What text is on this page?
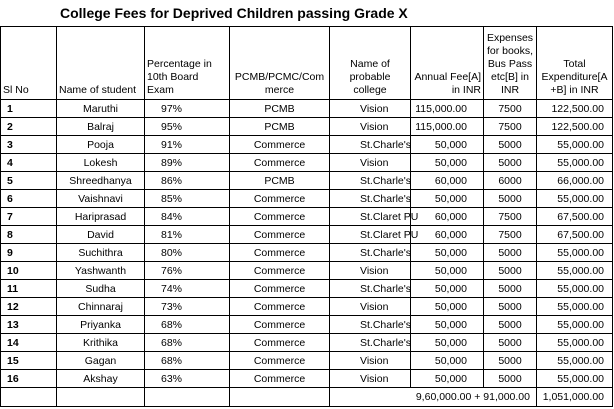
College Fees for Deprived Children passing Grade X
Sl No	Name of student	Percentage in 10th Board Exam	PCMB/PCMC/Com merce	Name of probable college	Annual Fee[A] in INR	Expenses for books, Bus Pass etc[B] in INR	Total Expenditure[A +B] in INR
1	Maruthi	97%	PCMB	Vision	115,000.00	7500	122,500.00
2	Balraj	95%	PCMB	Vision	115,000.00	7500	122,500.00
3	Pooja	91%	Commerce	St.Charle's	50,000	5000	55,000.00
4	Lokesh	89%	Commerce	Vision	50,000	5000	55,000.00
5	Shreedhanya	86%	PCMB	St.Charle's	60,000	6000	66,000.00
6	Vaishnavi	85%	Commerce	St.Charle's	50,000	5000	55,000.00
7	Hariprasad	84%	Commerce	St.Claret PU	60,000	7500	67,500.00
8	David	81%	Commerce	St.Claret PU	60,000	7500	67,500.00
9	Suchithra	80%	Commerce	St.Charle's	50,000	5000	55,000.00
10	Yashwanth	76%	Commerce	Vision	50,000	5000	55,000.00
11	Sudha	74%	Commerce	St.Charle's	50,000	5000	55,000.00
12	Chinnaraj	73%	Commerce	Vision	50,000	5000	55,000.00
13	Priyanka	68%	Commerce	St.Charle's	50,000	5000	55,000.00
14	Krithika	68%	Commerce	St.Charle's	50,000	5000	55,000.00
15	Gagan	68%	Commerce	Vision	50,000	5000	55,000.00
16	Akshay	63%	Commerce	Vision	50,000	5000	55,000.00
				9,60,000.00 + 91,000.00			1,051,000.00
